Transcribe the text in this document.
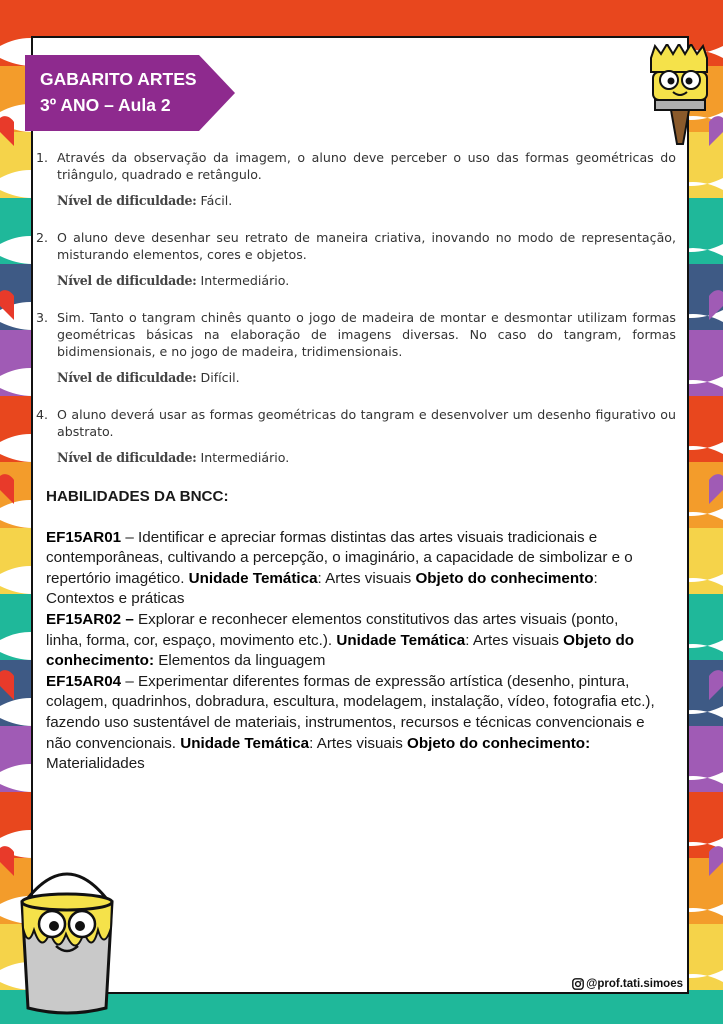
GABARITO ARTES
3º ANO – Aula 2
1. Através da observação da imagem, o aluno deve perceber o uso das formas geométricas do triângulo, quadrado e retângulo.
Nível de dificuldade: Fácil.
2. O aluno deve desenhar seu retrato de maneira criativa, inovando no modo de representação, misturando elementos, cores e objetos.
Nível de dificuldade: Intermediário.
3. Sim. Tanto o tangram chinês quanto o jogo de madeira de montar e desmontar utilizam formas geométricas básicas na elaboração de imagens diversas. No caso do tangram, formas bidimensionais, e no jogo de madeira, tridimensionais.
Nível de dificuldade: Difícil.
4. O aluno deverá usar as formas geométricas do tangram e desenvolver um desenho figurativo ou abstrato.
Nível de dificuldade: Intermediário.
HABILIDADES DA BNCC:

EF15AR01 – Identificar e apreciar formas distintas das artes visuais tradicionais e contemporâneas, cultivando a percepção, o imaginário, a capacidade de simbolizar e o repertório imagético. Unidade Temática: Artes visuais Objeto do conhecimento: Contextos e práticas

EF15AR02 – Explorar e reconhecer elementos constitutivos das artes visuais (ponto, linha, forma, cor, espaço, movimento etc.). Unidade Temática: Artes visuais Objeto do conhecimento: Elementos da linguagem

EF15AR04 – Experimentar diferentes formas de expressão artística (desenho, pintura, colagem, quadrinhos, dobradura, escultura, modelagem, instalação, vídeo, fotografia etc.), fazendo uso sustentável de materiais, instrumentos, recursos e técnicas convencionais e não convencionais. Unidade Temática: Artes visuais Objeto do conhecimento: Materialidades

@prof.tati.simoes
